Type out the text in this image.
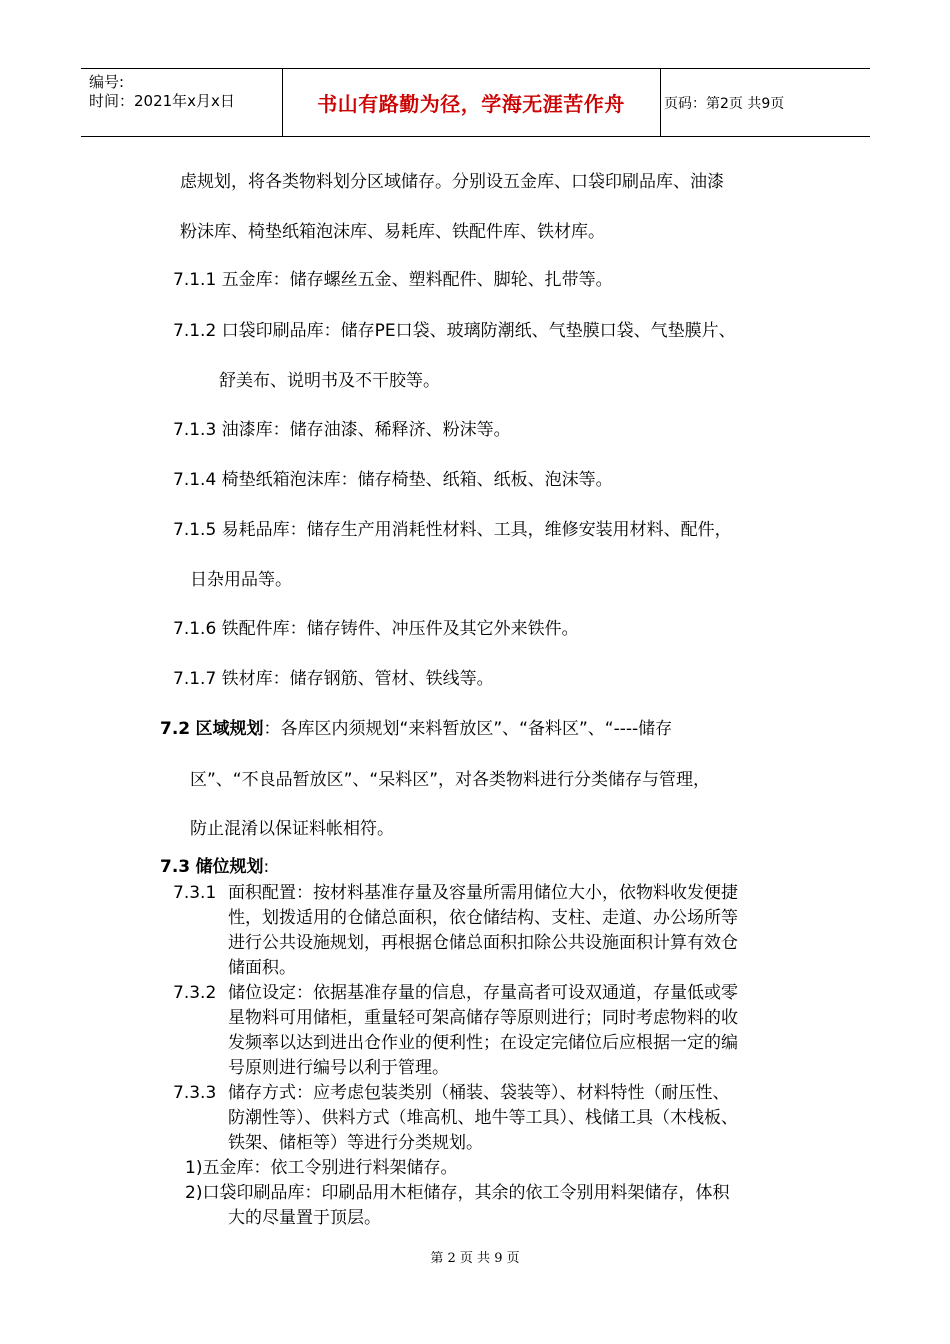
编号:
时间：2021年x月x日	书山有路勤为径，学海无涯苦作舟	页码：第2页 共9页
虑规划，将各类物料划分区域储存。分别设五金库、口袋印刷品库、油漆
粉沫库、椅垫纸箱泡沫库、易耗库、铁配件库、铁材库。
7.1.1 五金库：储存螺丝五金、塑料配件、脚轮、扎带等。
7.1.2 口袋印刷品库：储存PE口袋、玻璃防潮纸、气垫膜口袋、气垫膜片、
舒美布、说明书及不干胶等。
7.1.3 油漆库：储存油漆、稀释济、粉沫等。
7.1.4 椅垫纸箱泡沫库：储存椅垫、纸箱、纸板、泡沫等。
7.1.5 易耗品库：储存生产用消耗性材料、工具，维修安装用材料、配件，
日杂用品等。
7.1.6 铁配件库：储存铸件、冲压件及其它外来铁件。
7.1.7 铁材库：储存钢筋、管材、铁线等。
7.2 区域规划：各库区内须规划“来料暂放区”、“备料区”、“----储存
区”、“不良品暂放区”、“呆料区”，对各类物料进行分类储存与管理，
防止混淆以保证料帐相符。
7.3 储位规划:
7.3.1 面积配置：按材料基准存量及容量所需用储位大小，依物料收发便捷
性，划拨适用的仓储总面积，依仓储结构、支柱、走道、办公场所等
进行公共设施规划，再根据仓储总面积扣除公共设施面积计算有效仓
储面积。
7.3.2 储位设定：依据基准存量的信息，存量高者可设双通道，存量低或零
星物料可用储柜，重量轻可架高储存等原则进行；同时考虑物料的收
发频率以达到进出仓作业的便利性；在设定完储位后应根据一定的编
号原则进行编号以利于管理。
7.3.3 储存方式：应考虑包装类别（桶装、袋装等）、材料特性（耐压性、
防潮性等）、供料方式（堆高机、地牛等工具）、栈储工具（木栈板、
铁架、储柜等）等进行分类规划。
1)五金库：依工令别进行料架储存。
2)口袋印刷品库：印刷品用木柜储存，其余的依工令别用料架储存，体积
大的尽量置于顶层。
第 2 页 共 9 页
